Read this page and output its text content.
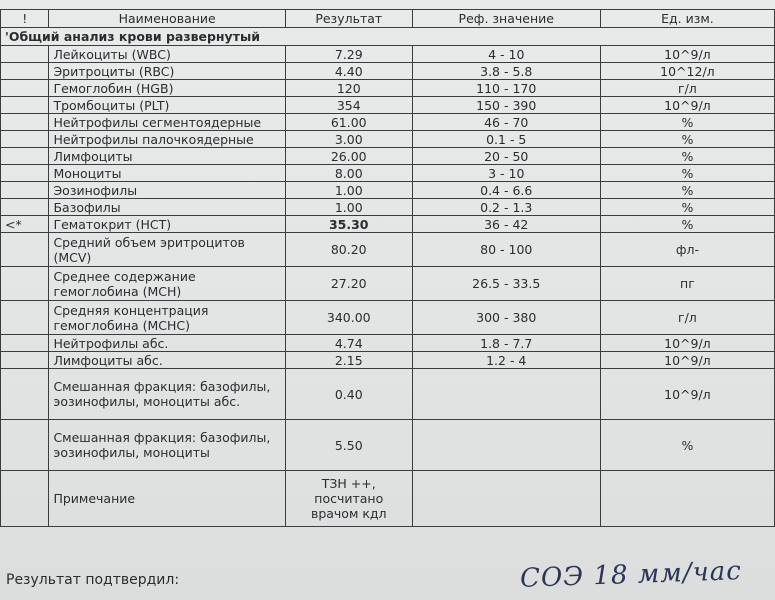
!	Наименование	Результат	Реф. значение	Ед. изм.
'Общий анализ крови развернутый				
	Лейкоциты (WBC)	7.29	4 - 10	10^9/л
	Эритроциты (RBC)	4.40	3.8 - 5.8	10^12/л
	Гемоглобин (HGB)	120	110 - 170	г/л
	Тромбоциты (PLT)	354	150 - 390	10^9/л
	Нейтрофилы сегментоядерные	61.00	46 - 70	%
	Нейтрофилы палочкоядерные	3.00	0.1 - 5	%
	Лимфоциты	26.00	20 - 50	%
	Моноциты	8.00	3 - 10	%
	Эозинофилы	1.00	0.4 - 6.6	%
	Базофилы	1.00	0.2 - 1.3	%
<*	Гематокрит (HCT)	35.30	36 - 42	%
	Средний объем эритроцитов (MCV)	80.20	80 - 100	фл-
	Среднее содержание гемоглобина (MCH)	27.20	26.5 - 33.5	пг
	Средняя концентрация гемоглобина (MCHC)	340.00	300 - 380	г/л
	Нейтрофилы абс.	4.74	1.8 - 7.7	10^9/л
	Лимфоциты абс.	2.15	1.2 - 4	10^9/л
	Смешанная фракция: базофилы, эозинофилы, моноциты абс.	0.40		10^9/л
	Смешанная фракция: базофилы, эозинофилы, моноциты	5.50		%
	Примечание	ТЗН ++, посчитано врачом кдл		
Результат подтвердил:	СОЭ 18 мм/час
